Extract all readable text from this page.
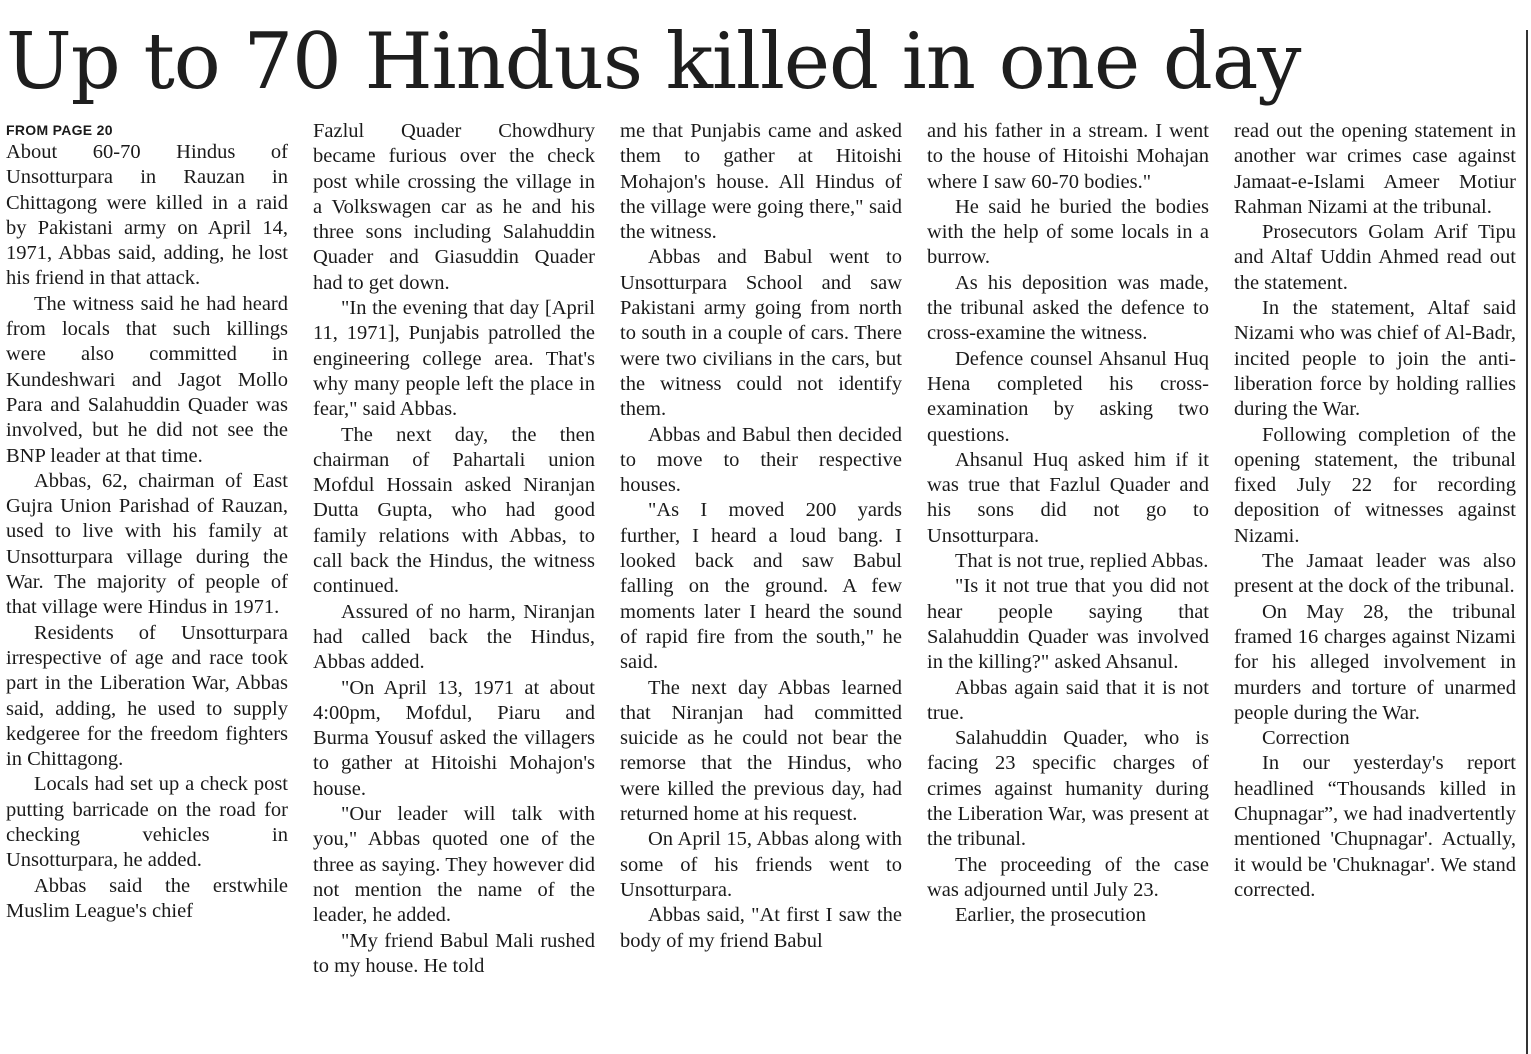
Up to 70 Hindus killed in one day
FROM PAGE 20

About 60-70 Hindus of Unsotturpara in Rauzan in Chittagong were killed in a raid by Pakistani army on April 14, 1971, Abbas said, adding, he lost his friend in that attack.

The witness said he had heard from locals that such killings were also committed in Kundeshwari and Jagot Mollo Para and Salahuddin Quader was involved, but he did not see the BNP leader at that time.

Abbas, 62, chairman of East Gujra Union Parishad of Rauzan, used to live with his family at Unsotturpara village during the War. The majority of people of that village were Hindus in 1971.

Residents of Unsotturpara irrespective of age and race took part in the Liberation War, Abbas said, adding, he used to supply kedgeree for the freedom fighters in Chittagong.

Locals had set up a check post putting barricade on the road for checking vehicles in Unsotturpara, he added.

Abbas said the erstwhile Muslim League's chief

Fazlul Quader Chowdhury became furious over the check post while crossing the village in a Volkswagen car as he and his three sons including Salahuddin Quader and Giasuddin Quader had to get down.

"In the evening that day [April 11, 1971], Punjabis patrolled the engineering college area. That's why many people left the place in fear," said Abbas.

The next day, the then chairman of Pahartali union Mofdul Hossain asked Niranjan Dutta Gupta, who had good family relations with Abbas, to call back the Hindus, the witness continued.

Assured of no harm, Niranjan had called back the Hindus, Abbas added.

"On April 13, 1971 at about 4:00pm, Mofdul, Piaru and Burma Yousuf asked the villagers to gather at Hitoishi Mohajon's house.

"Our leader will talk with you," Abbas quoted one of the three as saying. They however did not mention the name of the leader, he added.

"My friend Babul Mali rushed to my house. He told

me that Punjabis came and asked them to gather at Hitoishi Mohajon's house. All Hindus of the village were going there," said the witness.

Abbas and Babul went to Unsotturpara School and saw Pakistani army going from north to south in a couple of cars. There were two civilians in the cars, but the witness could not identify them.

Abbas and Babul then decided to move to their respective houses.

"As I moved 200 yards further, I heard a loud bang. I looked back and saw Babul falling on the ground. A few moments later I heard the sound of rapid fire from the south," he said.

The next day Abbas learned that Niranjan had committed suicide as he could not bear the remorse that the Hindus, who were killed the previous day, had returned home at his request.

On April 15, Abbas along with some of his friends went to Unsotturpara.

Abbas said, "At first I saw the body of my friend Babul

and his father in a stream. I went to the house of Hitoishi Mohajan where I saw 60-70 bodies."

He said he buried the bodies with the help of some locals in a burrow.

As his deposition was made, the tribunal asked the defence to cross-examine the witness.

Defence counsel Ahsanul Huq Hena completed his cross-examination by asking two questions.

Ahsanul Huq asked him if it was true that Fazlul Quader and his sons did not go to Unsotturpara.

That is not true, replied Abbas.

"Is it not true that you did not hear people saying that Salahuddin Quader was involved in the killing?" asked Ahsanul.

Abbas again said that it is not true.

Salahuddin Quader, who is facing 23 specific charges of crimes against humanity during the Liberation War, was present at the tribunal.

The proceeding of the case was adjourned until July 23.

Earlier, the prosecution

read out the opening statement in another war crimes case against Jamaat-e-Islami Ameer Motiur Rahman Nizami at the tribunal.

Prosecutors Golam Arif Tipu and Altaf Uddin Ahmed read out the statement.

In the statement, Altaf said Nizami who was chief of Al-Badr, incited people to join the anti-liberation force by holding rallies during the War.

Following completion of the opening statement, the tribunal fixed July 22 for recording deposition of witnesses against Nizami.

The Jamaat leader was also present at the dock of the tribunal.

On May 28, the tribunal framed 16 charges against Nizami for his alleged involvement in murders and torture of unarmed people during the War.

Correction

In our yesterday's report headlined “Thousands killed in Chupnagar”, we had inadvertently mentioned 'Chupnagar'. Actually, it would be 'Chuknagar'. We stand corrected.
